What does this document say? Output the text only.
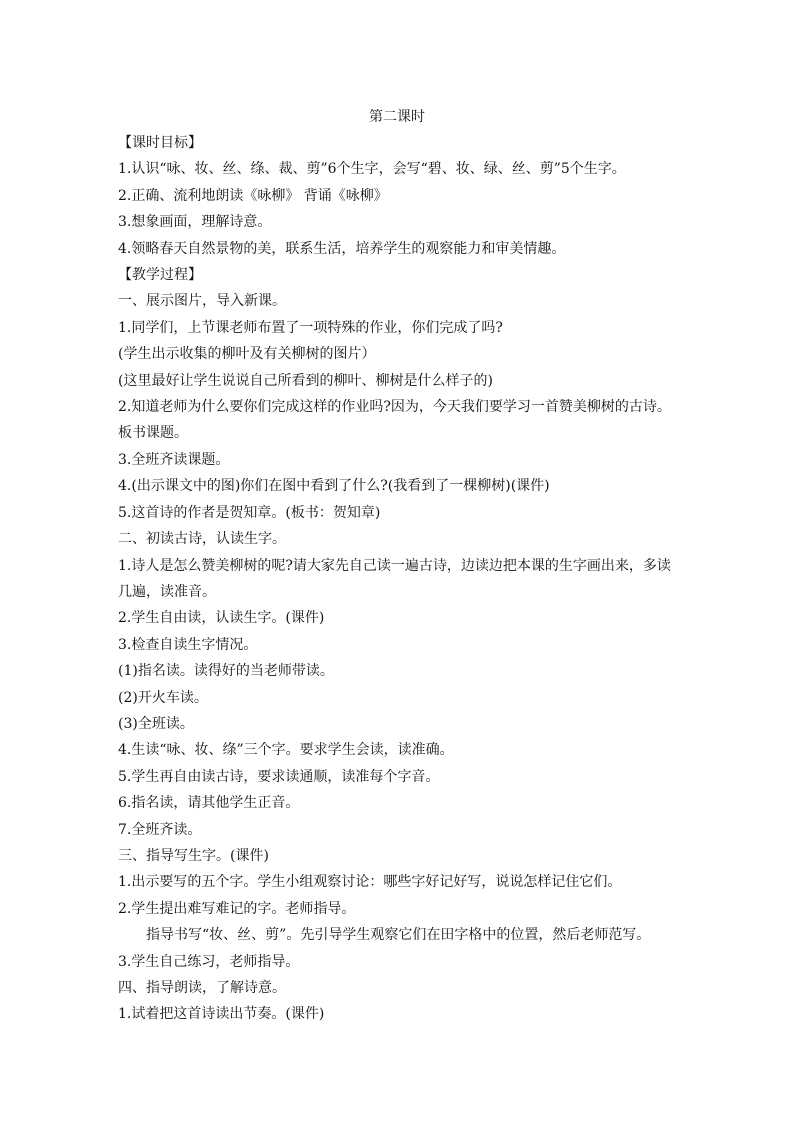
第二课时

【课时目标】

1.认识“咏、妆、丝、绦、裁、剪”6个生字，会写“碧、妆、绿、丝、剪”5个生字。

2.正确、流利地朗读《咏柳》 背诵《咏柳》

3.想象画面，理解诗意。

4.领略春天自然景物的美，联系生活，培养学生的观察能力和审美情趣。

【教学过程】

一、展示图片，导入新课。

1.同学们，上节课老师布置了一项特殊的作业，你们完成了吗?

(学生出示收集的柳叶及有关柳树的图片）

(这里最好让学生说说自己所看到的柳叶、柳树是什么样子的)

2.知道老师为什么要你们完成这样的作业吗?因为，今天我们要学习一首赞美柳树的古诗。

板书课题。

3.全班齐读课题。

4.(出示课文中的图)你们在图中看到了什么?(我看到了一棵柳树)(课件)

5.这首诗的作者是贺知章。(板书：贺知章)

二、初读古诗，认读生字。

1.诗人是怎么赞美柳树的呢?请大家先自己读一遍古诗，边读边把本课的生字画出来，多读

几遍，读准音。

2.学生自由读，认读生字。(课件)

3.检查自读生字情况。

(1)指名读。读得好的当老师带读。

(2)开火车读。

(3)全班读。

4.生读“咏、妆、绦”三个字。要求学生会读，读准确。

5.学生再自由读古诗，要求读通顺，读准每个字音。

6.指名读，请其他学生正音。

7.全班齐读。

三、指导写生字。(课件)

1.出示要写的五个字。学生小组观察讨论：哪些字好记好写，说说怎样记住它们。

2.学生提出难写难记的字。老师指导。

指导书写“妆、丝、剪”。先引导学生观察它们在田字格中的位置，然后老师范写。

3.学生自己练习，老师指导。

四、指导朗读，了解诗意。

1.试着把这首诗读出节奏。(课件)
